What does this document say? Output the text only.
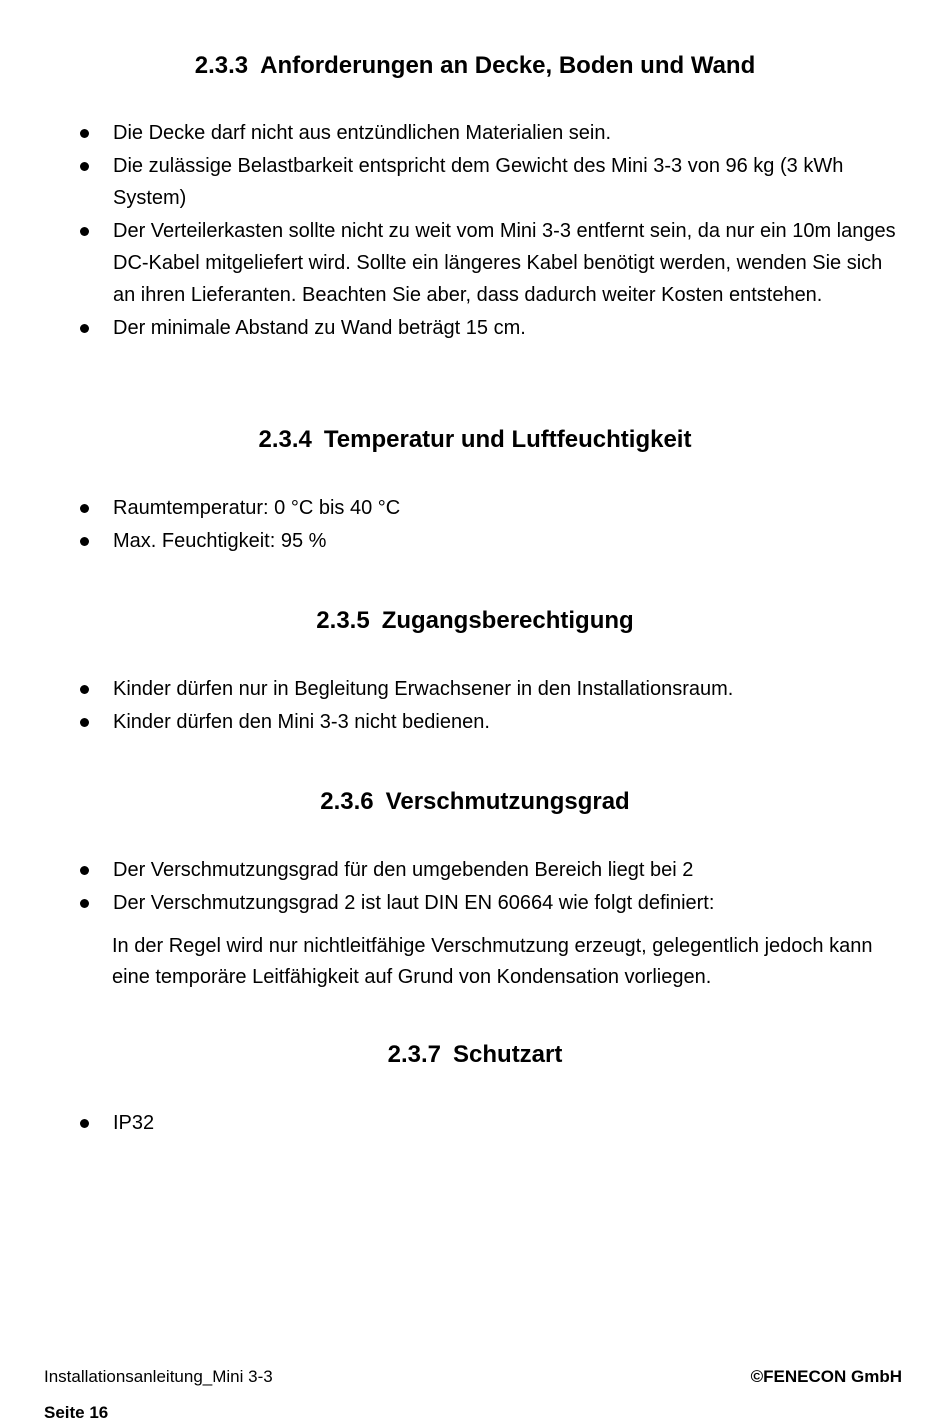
2.3.3 Anforderungen an Decke, Boden und Wand
Die Decke darf nicht aus entzündlichen Materialien sein.
Die zulässige Belastbarkeit entspricht dem Gewicht des Mini 3-3 von 96 kg (3 kWh System)
Der Verteilerkasten sollte nicht zu weit vom Mini 3-3 entfernt sein, da nur ein 10m langes DC-Kabel mitgeliefert wird. Sollte ein längeres Kabel benötigt werden, wenden Sie sich an ihren Lieferanten. Beachten Sie aber, dass dadurch weiter Kosten entstehen.
Der minimale Abstand zu Wand beträgt 15 cm.
2.3.4 Temperatur und Luftfeuchtigkeit
Raumtemperatur: 0 °C bis 40 °C
Max. Feuchtigkeit: 95 %
2.3.5 Zugangsberechtigung
Kinder dürfen nur in Begleitung Erwachsener in den Installationsraum.
Kinder dürfen den Mini 3-3 nicht bedienen.
2.3.6 Verschmutzungsgrad
Der Verschmutzungsgrad für den umgebenden Bereich liegt bei 2
Der Verschmutzungsgrad 2 ist laut DIN EN 60664 wie folgt definiert:

In der Regel wird nur nichtleitfähige Verschmutzung erzeugt, gelegentlich jedoch kann eine temporäre Leitfähigkeit auf Grund von Kondensation vorliegen.

2.3.7 Schutzart
IP32

Installationsanleitung_Mini 3-3	©FENECON GmbH

Seite 16
